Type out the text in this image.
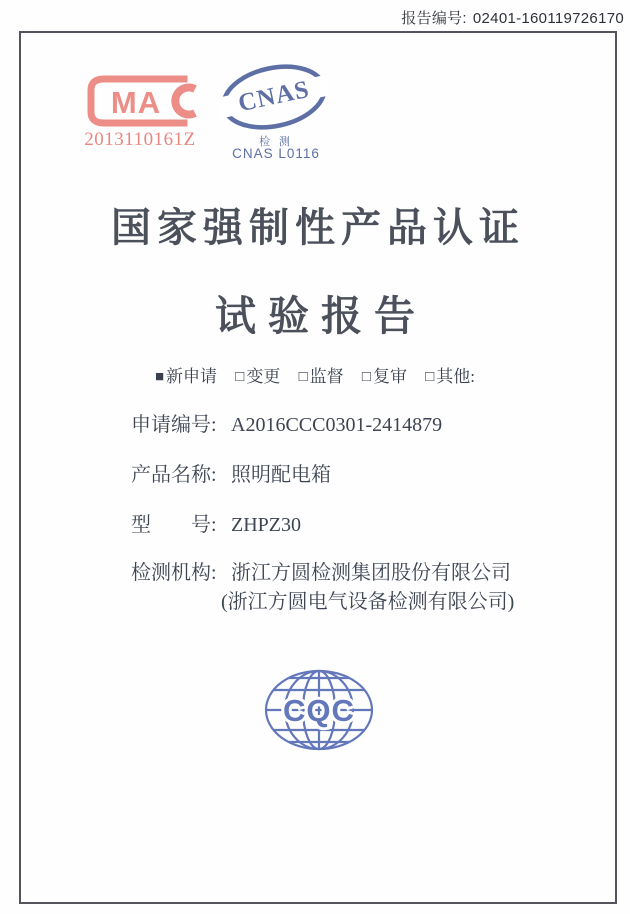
报告编号: 02401-160119726170
MA
2013110161Z
CNAS
检 测
CNAS L0116
国家强制性产品认证
试验报告
■ 新申请 □ 变更 □ 监督 □ 复审 □ 其他:
申请编号: A2016CCC0301-2414879
产品名称: 照明配电箱
型　　号: ZHPZ30
检测机构: 浙江方圆检测集团股份有限公司
(浙江方圆电气设备检测有限公司)
CQC
